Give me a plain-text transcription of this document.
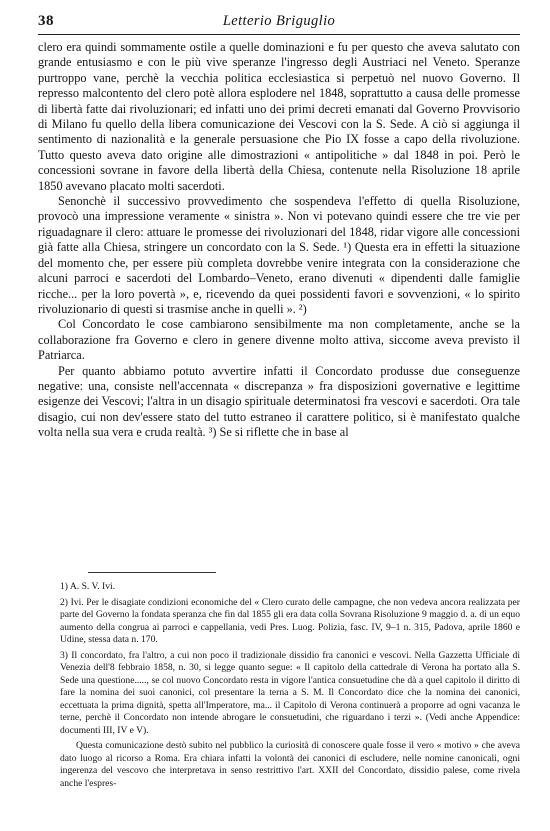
38	Letterio Briguglio

clero era quindi sommamente ostile a quelle dominazioni e fu per questo che aveva salutato con grande entusiasmo e con le più vive speranze l'ingresso degli Austriaci nel Veneto. Speranze purtroppo vane, perchè la vecchia politica ecclesiastica si perpetuò nel nuovo Governo. Il represso malcontento del clero potè allora esplodere nel 1848, soprattutto a causa delle promesse di libertà fatte dai rivoluzionari; ed infatti uno dei primi decreti emanati dal Governo Provvisorio di Milano fu quello della libera comunicazione dei Vescovi con la S. Sede. A ciò si aggiunga il sentimento di nazionalità e la generale persuasione che Pio IX fosse a capo della rivoluzione. Tutto questo aveva dato origine alle dimostrazioni « antipolitiche » dal 1848 in poi. Però le concessioni sovrane in favore della libertà della Chiesa, contenute nella Risoluzione 18 aprile 1850 avevano placato molti sacerdoti.

Senonchè il successivo provvedimento che sospendeva l'effetto di quella Risoluzione, provocò una impressione veramente « sinistra ». Non vi potevano quindi essere che tre vie per riguadagnare il clero: attuare le promesse dei rivoluzionari del 1848, ridar vigore alle concessioni già fatte alla Chiesa, stringere un concordato con la S. Sede. ¹) Questa era in effetti la situazione del momento che, per essere più completa dovrebbe venire integrata con la considerazione che alcuni parroci e sacerdoti del Lombardo–Veneto, erano divenuti « dipendenti dalle famiglie ricche... per la loro povertà », e, ricevendo da quei possidenti favori e sovvenzioni, « lo spirito rivoluzionario di questi si trasmise anche in quelli ». ²)

Col Concordato le cose cambiarono sensibilmente ma non completamente, anche se la collaborazione fra Governo e clero in genere divenne molto attiva, siccome aveva previsto il Patriarca.

Per quanto abbiamo potuto avvertire infatti il Concordato produsse due conseguenze negative: una, consiste nell'accennata « discrepanza » fra disposizioni governative e legittime esigenze dei Vescovi; l'altra in un disagio spirituale determinatosi fra vescovi e sacerdoti. Ora tale disagio, cui non dev'essere stato del tutto estraneo il carattere politico, si è manifestato qualche volta nella sua vera e cruda realtà. ³) Se si riflette che in base al

1) A. S. V. Ivi.

2) Ivi. Per le disagiate condizioni economiche del « Clero curato delle campagne, che non vedeva ancora realizzata per parte del Governo la fondata speranza che fin dal 1855 gli era data colla Sovrana Risoluzione 9 maggio d. a. di un equo aumento della congrua ai parroci e cappellania, vedi Pres. Luog. Polizia, fasc. IV, 9–1 n. 315, Padova, aprile 1860 e Udine, stessa data n. 170.

3) Il concordato, fra l'altro, a cui non poco il tradizionale dissidio fra canonici e vescovi. Nella Gazzetta Ufficiale di Venezia dell'8 febbraio 1858, n. 30, si legge quanto segue: « Il capitolo della cattedrale di Verona ha portato alla S. Sede una questione....., se col nuovo Concordato resta in vigore l'antica consuetudine che dà a quel capitolo il diritto di fare la nomina dei suoi canonici, col presentare la terna a S. M. Il Concordato dice che la nomina dei canonici, eccettuata la prima dignità, spetta all'Imperatore, ma... il Capitolo di Verona continuerà a proporre ad ogni vacanza le terne, perchè il Concordato non intende abrogare le consuetudini, che riguardano i terzi ». (Vedi anche Appendice: documenti III, IV e V).

Questa comunicazione destò subito nel pubblico la curiosità di conoscere quale fosse il vero « motivo » che aveva dato luogo al ricorso a Roma. Era chiara infatti la volontà dei canonici di escludere, nelle nomine canonicali, ogni ingerenza del vescovo che interpretava in senso restrittivo l'art. XXII del Concordato, dissidio palese, come rivela anche l'espres-
